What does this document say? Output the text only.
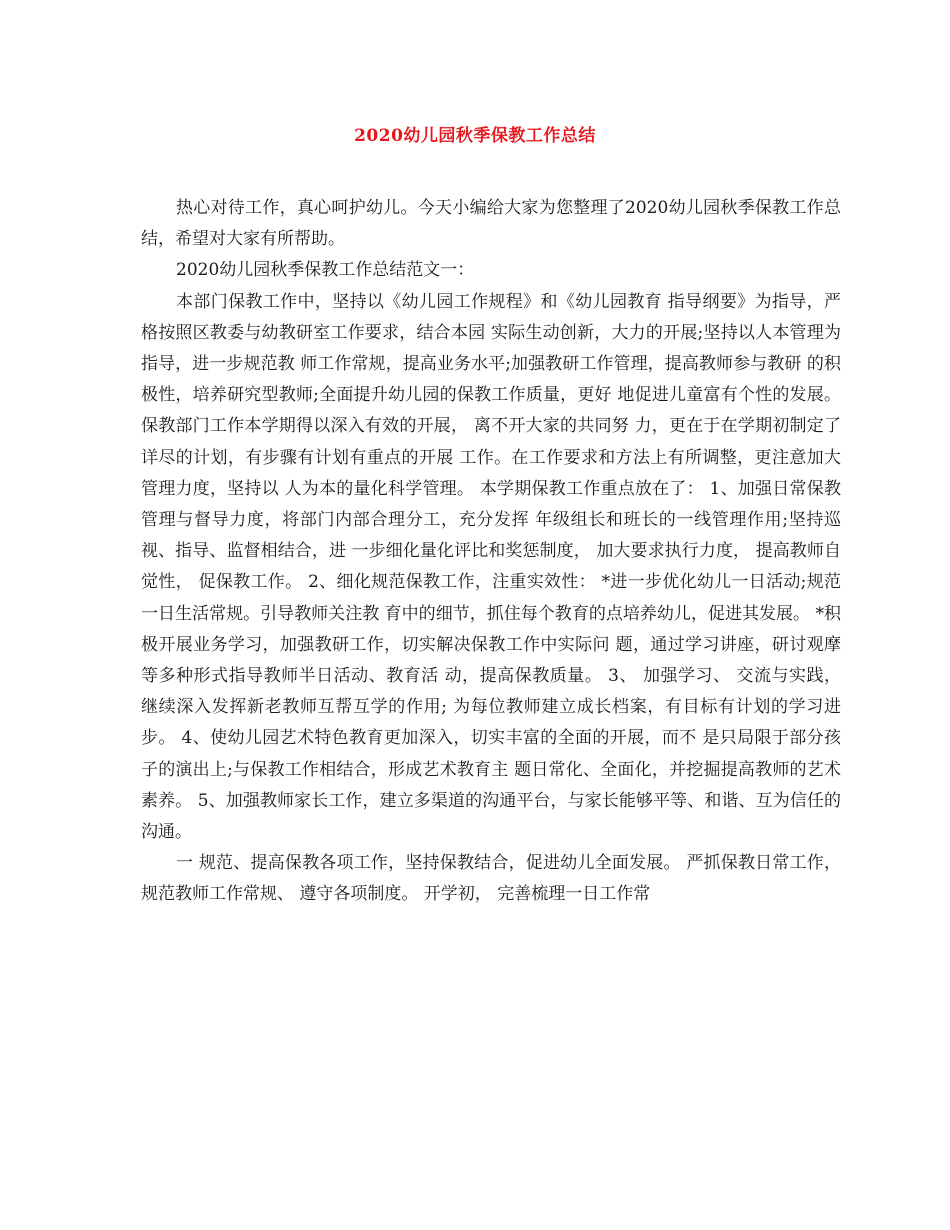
2020幼儿园秋季保教工作总结

热心对待工作，真心呵护幼儿。今天小编给大家为您整理了2020幼儿园秋季保教工作总结，希望对大家有所帮助。

2020幼儿园秋季保教工作总结范文一：

本部门保教工作中，坚持以《幼儿园工作规程》和《幼儿园教育 指导纲要》为指导，严格按照区教委与幼教研室工作要求，结合本园 实际生动创新，大力的开展;坚持以人本管理为指导，进一步规范教 师工作常规，提高业务水平;加强教研工作管理，提高教师参与教研 的积极性，培养研究型教师;全面提升幼儿园的保教工作质量，更好 地促进儿童富有个性的发展。 保教部门工作本学期得以深入有效的开展， 离不开大家的共同努 力，更在于在学期初制定了详尽的计划，有步骤有计划有重点的开展 工作。在工作要求和方法上有所调整，更注意加大管理力度，坚持以 人为本的量化科学管理。 本学期保教工作重点放在了： 1、加强日常保教管理与督导力度，将部门内部合理分工，充分发挥 年级组长和班长的一线管理作用;坚持巡视、指导、监督相结合，进 一步细化量化评比和奖惩制度， 加大要求执行力度， 提高教师自觉性， 促保教工作。 2、细化规范保教工作，注重实效性： *进一步优化幼儿一日活动;规范一日生活常规。引导教师关注教 育中的细节，抓住每个教育的点培养幼儿，促进其发展。 *积极开展业务学习，加强教研工作，切实解决保教工作中实际问 题，通过学习讲座，研讨观摩等多种形式指导教师半日活动、教育活 动，提高保教质量。 3、 加强学习、 交流与实践， 继续深入发挥新老教师互帮互学的作用; 为每位教师建立成长档案，有目标有计划的学习进步。 4、使幼儿园艺术特色教育更加深入，切实丰富的全面的开展，而不 是只局限于部分孩子的演出上;与保教工作相结合，形成艺术教育主 题日常化、全面化，并挖掘提高教师的艺术素养。 5、加强教师家长工作，建立多渠道的沟通平台，与家长能够平等、和谐、互为信任的沟通。

一 规范、提高保教各项工作，坚持保教结合，促进幼儿全面发展。 严抓保教日常工作， 规范教师工作常规、 遵守各项制度。 开学初， 完善梳理一日工作常
